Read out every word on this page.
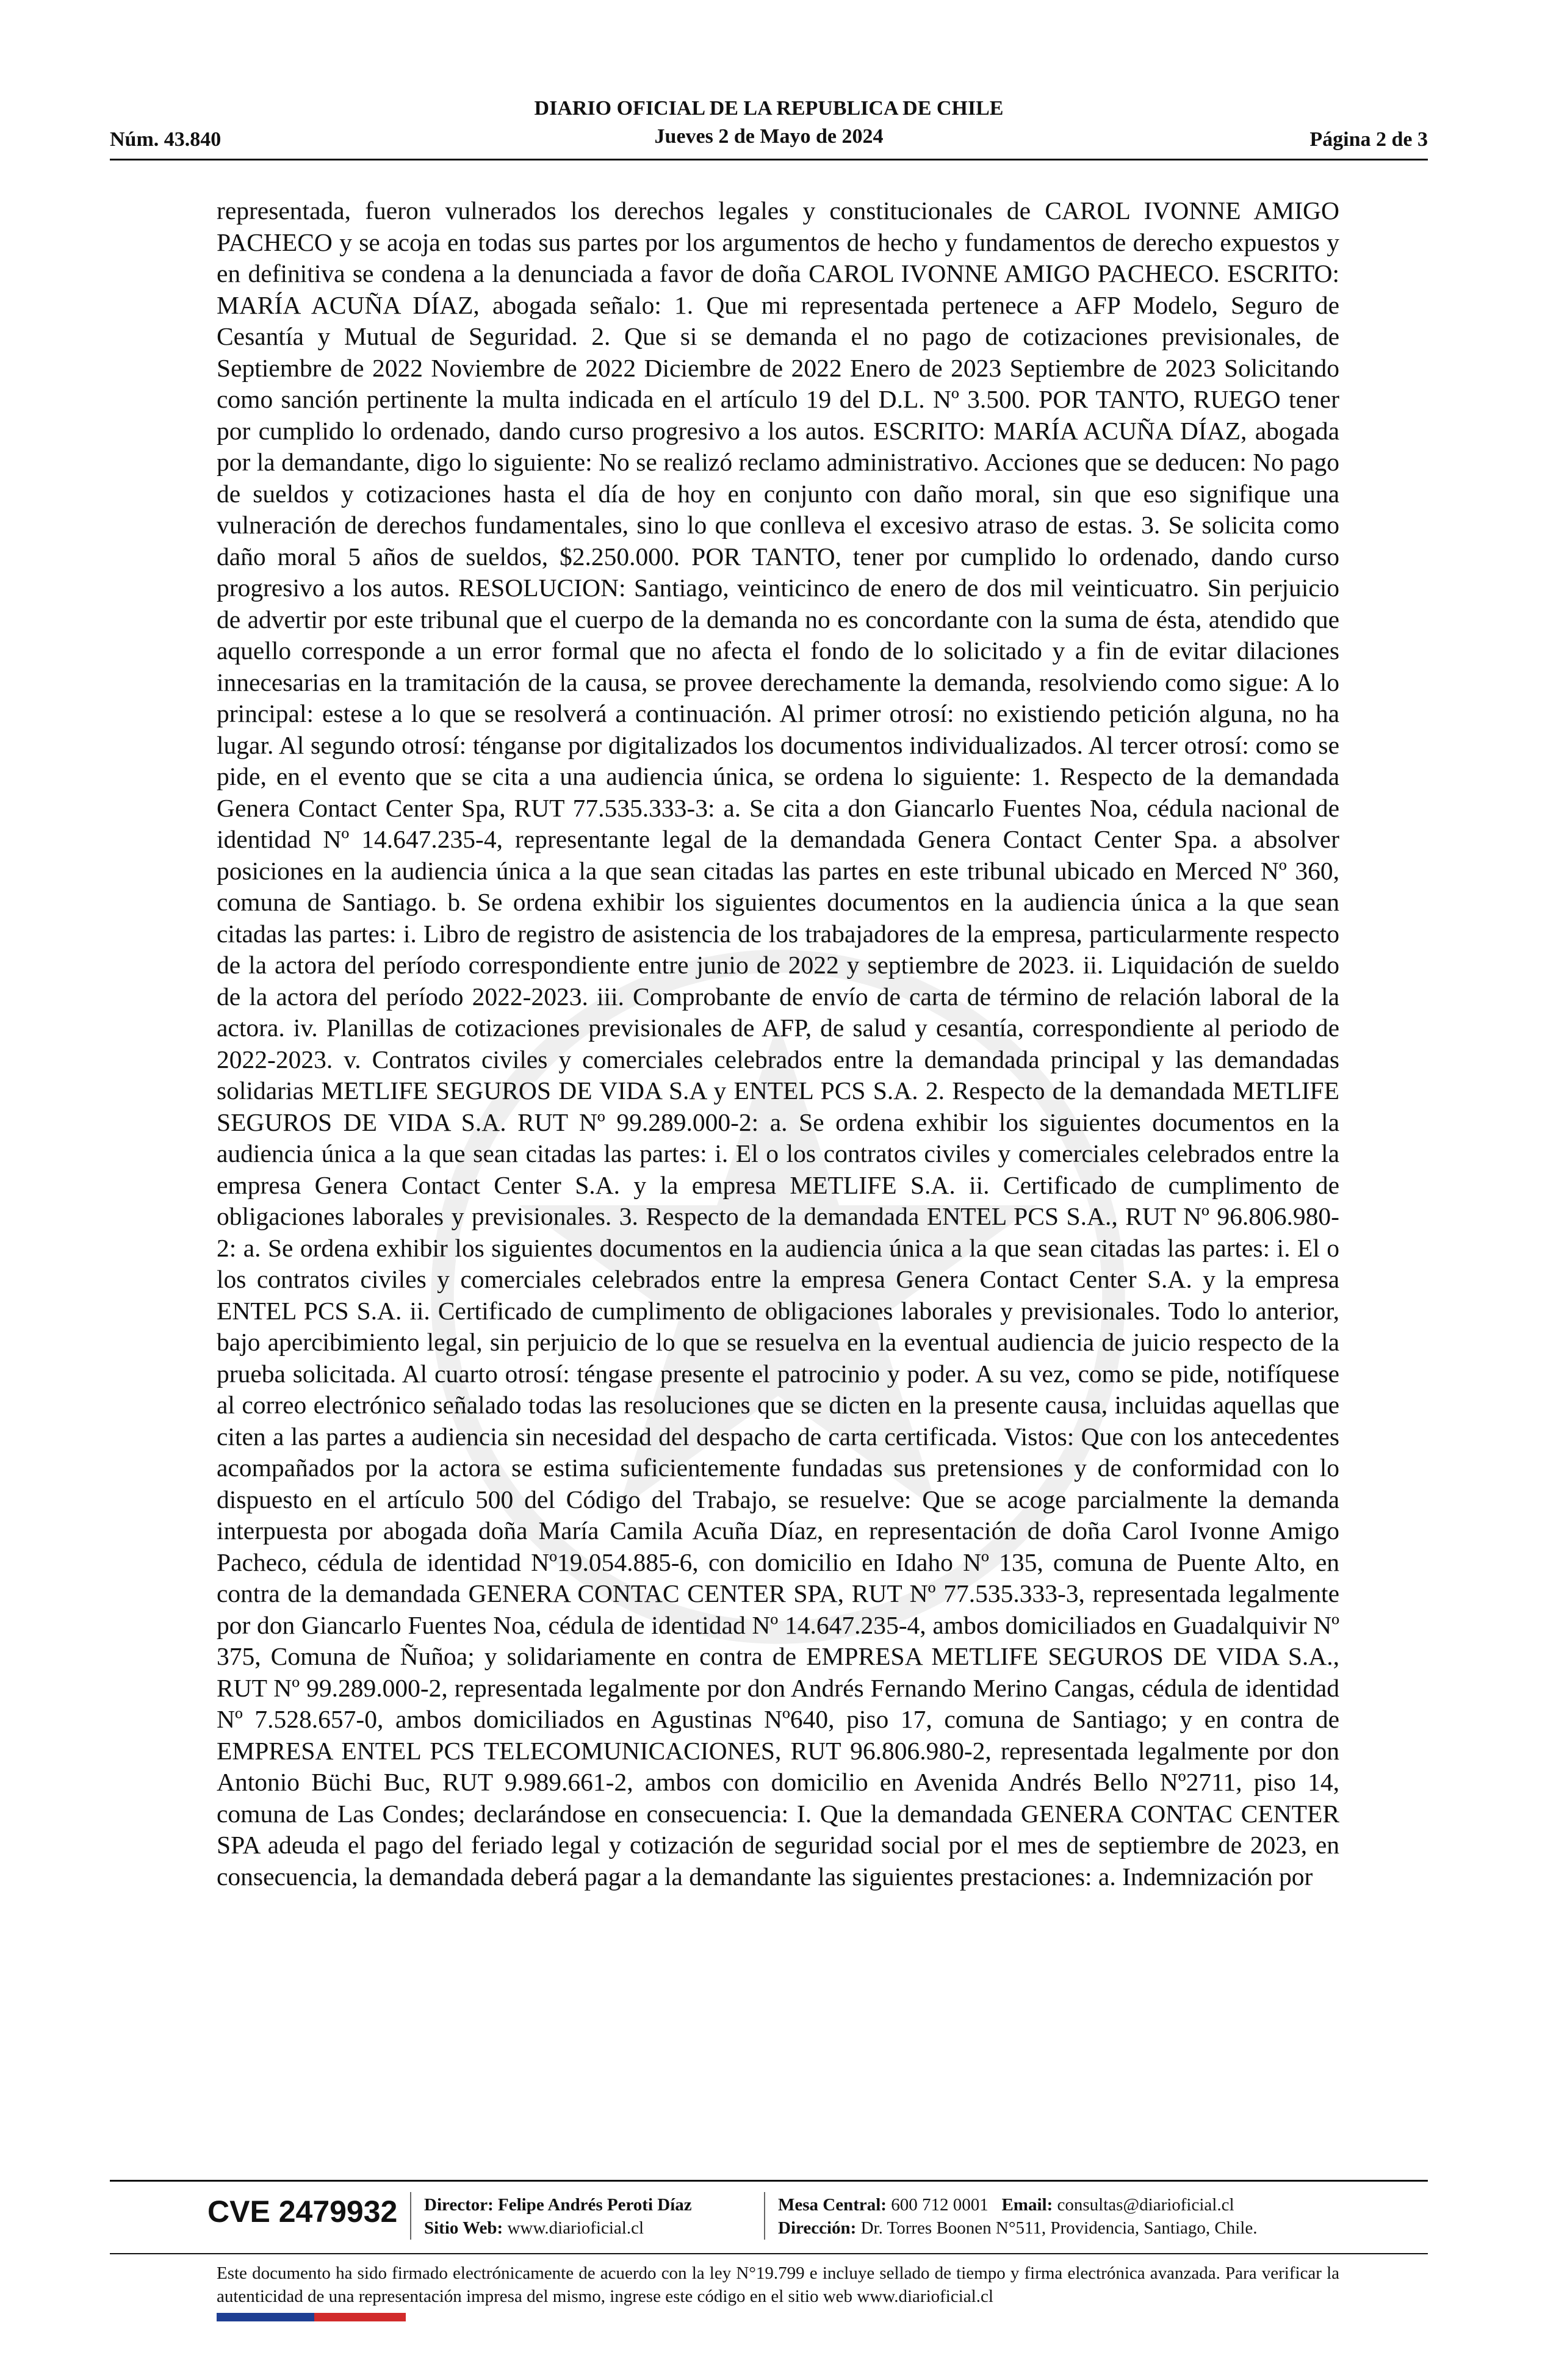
Núm. 43.840
DIARIO OFICIAL DE LA REPUBLICA DE CHILE
Jueves 2 de Mayo de 2024	Página 2 de 3
representada, fueron vulnerados los derechos legales y constitucionales de CAROL IVONNE AMIGO PACHECO y se acoja en todas sus partes por los argumentos de hecho y fundamentos de derecho expuestos y en definitiva se condena a la denunciada a favor de doña CAROL IVONNE AMIGO PACHECO. ESCRITO: MARÍA ACUÑA DÍAZ, abogada señalo: 1. Que mi representada pertenece a AFP Modelo, Seguro de Cesantía y Mutual de Seguridad. 2. Que si se demanda el no pago de cotizaciones previsionales, de Septiembre de 2022 Noviembre de 2022 Diciembre de 2022 Enero de 2023 Septiembre de 2023 Solicitando como sanción pertinente la multa indicada en el artículo 19 del D.L. Nº 3.500. POR TANTO, RUEGO tener por cumplido lo ordenado, dando curso progresivo a los autos. ESCRITO: MARÍA ACUÑA DÍAZ, abogada por la demandante, digo lo siguiente: No se realizó reclamo administrativo. Acciones que se deducen: No pago de sueldos y cotizaciones hasta el día de hoy en conjunto con daño moral, sin que eso signifique una vulneración de derechos fundamentales, sino lo que conlleva el excesivo atraso de estas. 3. Se solicita como daño moral 5 años de sueldos, $2.250.000. POR TANTO, tener por cumplido lo ordenado, dando curso progresivo a los autos. RESOLUCION: Santiago, veinticinco de enero de dos mil veinticuatro. Sin perjuicio de advertir por este tribunal que el cuerpo de la demanda no es concordante con la suma de ésta, atendido que aquello corresponde a un error formal que no afecta el fondo de lo solicitado y a fin de evitar dilaciones innecesarias en la tramitación de la causa, se provee derechamente la demanda, resolviendo como sigue: A lo principal: estese a lo que se resolverá a continuación. Al primer otrosí: no existiendo petición alguna, no ha lugar. Al segundo otrosí: ténganse por digitalizados los documentos individualizados. Al tercer otrosí: como se pide, en el evento que se cita a una audiencia única, se ordena lo siguiente: 1. Respecto de la demandada Genera Contact Center Spa, RUT 77.535.333-3: a. Se cita a don Giancarlo Fuentes Noa, cédula nacional de identidad Nº 14.647.235-4, representante legal de la demandada Genera Contact Center Spa. a absolver posiciones en la audiencia única a la que sean citadas las partes en este tribunal ubicado en Merced Nº 360, comuna de Santiago. b. Se ordena exhibir los siguientes documentos en la audiencia única a la que sean citadas las partes: i. Libro de registro de asistencia de los trabajadores de la empresa, particularmente respecto de la actora del período correspondiente entre junio de 2022 y septiembre de 2023. ii. Liquidación de sueldo de la actora del período 2022-2023. iii. Comprobante de envío de carta de término de relación laboral de la actora. iv. Planillas de cotizaciones previsionales de AFP, de salud y cesantía, correspondiente al periodo de 2022-2023. v. Contratos civiles y comerciales celebrados entre la demandada principal y las demandadas solidarias METLIFE SEGUROS DE VIDA S.A y ENTEL PCS S.A. 2. Respecto de la demandada METLIFE SEGUROS DE VIDA S.A. RUT Nº 99.289.000-2: a. Se ordena exhibir los siguientes documentos en la audiencia única a la que sean citadas las partes: i. El o los contratos civiles y comerciales celebrados entre la empresa Genera Contact Center S.A. y la empresa METLIFE S.A. ii. Certificado de cumplimento de obligaciones laborales y previsionales. 3. Respecto de la demandada ENTEL PCS S.A., RUT Nº 96.806.980-2: a. Se ordena exhibir los siguientes documentos en la audiencia única a la que sean citadas las partes: i. El o los contratos civiles y comerciales celebrados entre la empresa Genera Contact Center S.A. y la empresa ENTEL PCS S.A. ii. Certificado de cumplimento de obligaciones laborales y previsionales. Todo lo anterior, bajo apercibimiento legal, sin perjuicio de lo que se resuelva en la eventual audiencia de juicio respecto de la prueba solicitada. Al cuarto otrosí: téngase presente el patrocinio y poder. A su vez, como se pide, notifíquese al correo electrónico señalado todas las resoluciones que se dicten en la presente causa, incluidas aquellas que citen a las partes a audiencia sin necesidad del despacho de carta certificada. Vistos: Que con los antecedentes acompañados por la actora se estima suficientemente fundadas sus pretensiones y de conformidad con lo dispuesto en el artículo 500 del Código del Trabajo, se resuelve: Que se acoge parcialmente la demanda interpuesta por abogada doña María Camila Acuña Díaz, en representación de doña Carol Ivonne Amigo Pacheco, cédula de identidad Nº19.054.885-6, con domicilio en Idaho Nº 135, comuna de Puente Alto, en contra de la demandada GENERA CONTAC CENTER SPA, RUT Nº 77.535.333-3, representada legalmente por don Giancarlo Fuentes Noa, cédula de identidad Nº 14.647.235-4, ambos domiciliados en Guadalquivir Nº 375, Comuna de Ñuñoa; y solidariamente en contra de EMPRESA METLIFE SEGUROS DE VIDA S.A., RUT Nº 99.289.000-2, representada legalmente por don Andrés Fernando Merino Cangas, cédula de identidad Nº 7.528.657-0, ambos domiciliados en Agustinas Nº640, piso 17, comuna de Santiago; y en contra de EMPRESA ENTEL PCS TELECOMUNICACIONES, RUT 96.806.980-2, representada legalmente por don Antonio Büchi Buc, RUT 9.989.661-2, ambos con domicilio en Avenida Andrés Bello Nº2711, piso 14, comuna de Las Condes; declarándose en consecuencia: I. Que la demandada GENERA CONTAC CENTER SPA adeuda el pago del feriado legal y cotización de seguridad social por el mes de septiembre de 2023, en consecuencia, la demandada deberá pagar a la demandante las siguientes prestaciones: a. Indemnización por
CVE 2479932 Director: Felipe Andrés Peroti Díaz
Sitio Web: www.diarioficial.cl
Mesa Central: 600 712 0001 Email: consultas@diarioficial.cl
Dirección: Dr. Torres Boonen N°511, Providencia, Santiago, Chile.
Este documento ha sido firmado electrónicamente de acuerdo con la ley N°19.799 e incluye sellado de tiempo y firma electrónica avanzada. Para verificar la autenticidad de una representación impresa del mismo, ingrese este código en el sitio web www.diarioficial.cl
